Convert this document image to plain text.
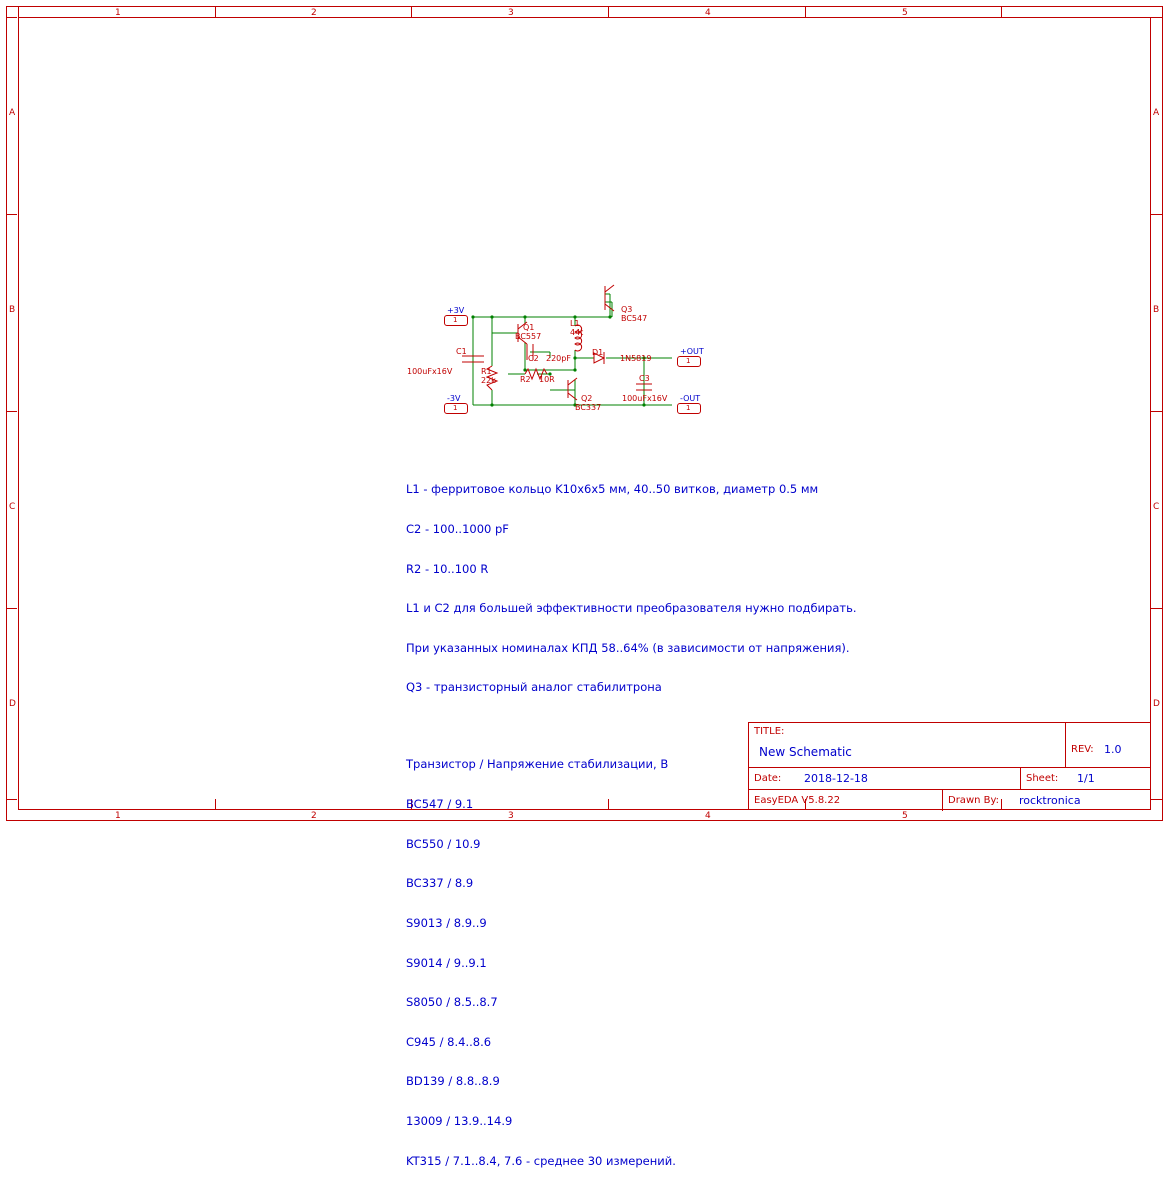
1	2	3	4	5
1	2	3	4	5
A
B
C
D
A
B
C
D
+3V
1
-3V
1
+OUT
1
-OUT
1
Q1
BC557
Q2
BC337
Q3
BC547
L1
44t
C1
100uFx16V
C2 220pF
C3
100uFx16V
R1
22k	R2 10R
D1
1N5819

L1 - ферритовое кольцо K10x6x5 мм, 40..50 витков, диаметр 0.5 мм

C2 - 100..1000 pF

R2 - 10..100 R

L1 и C2 для большей эффективности преобразователя нужно подбирать.

При указанных номиналах КПД 58..64% (в зависимости от напряжения).

Q3 - транзисторный аналог стабилитрона

Транзистор / Напряжение стабилизации, В

BC547 / 9.1

BC550 / 10.9

BC337 / 8.9

S9013 / 8.9..9

S9014 / 9..9.1

S8050 / 8.5..8.7

C945 / 8.4..8.6

BD139 / 8.8..8.9

13009 / 13.9..14.9

KT315 / 7.1..8.4, 7.6 - среднее 30 измерений.

TITLE:
New Schematic	REV: 1.0
Date: 2018-12-18	Sheet: 1/1
EasyEDA V5.8.22	Drawn By: rocktronica
